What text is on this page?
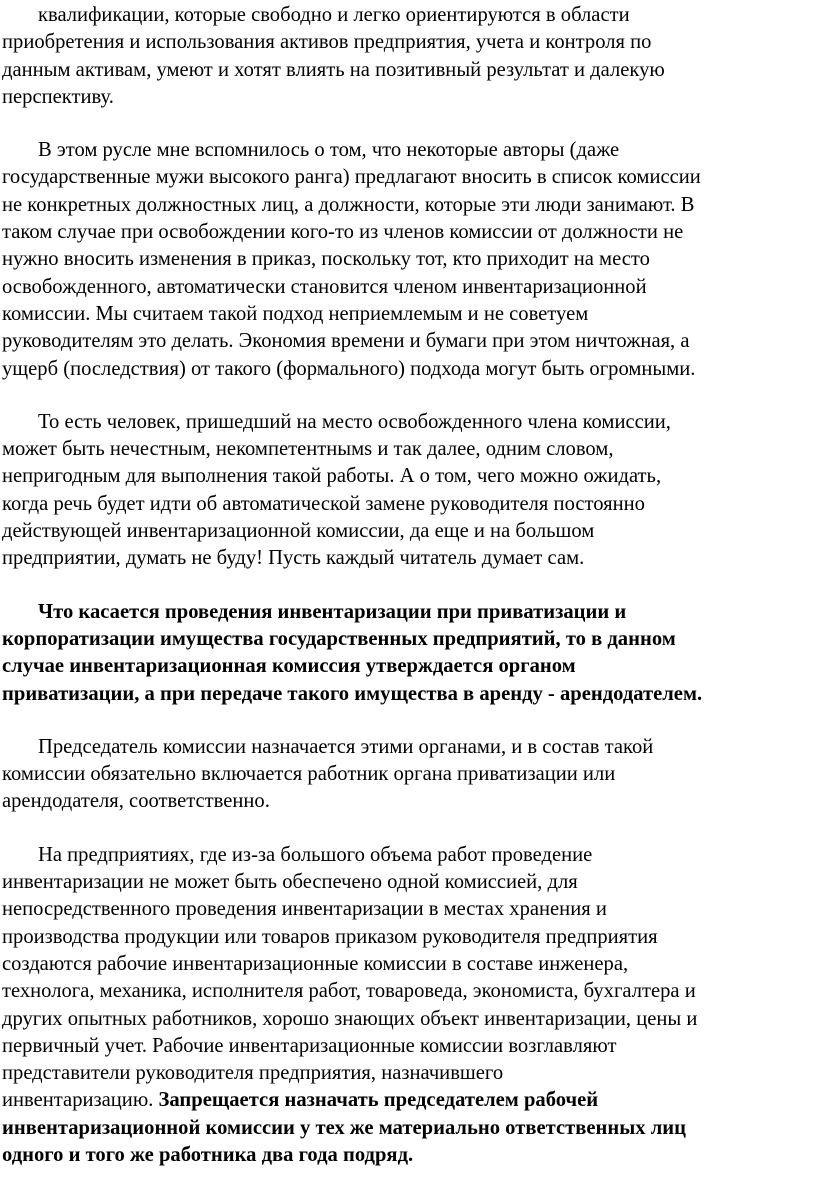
квалификации, которые свободно и легко ориентируются в области
приобретения и использования активов предприятия, учета и контроля по
данным активам, умеют и хотят влиять на позитивный результат и далекую
перспективу.
В этом русле мне вспомнилось о том, что некоторые авторы (даже
государственные мужи высокого ранга) предлагают вносить в список комиссии
не конкретных должностных лиц, а должности, которые эти люди занимают. В
таком случае при освобождении кого-то из членов комиссии от должности не
нужно вносить изменения в приказ, поскольку тот, кто приходит на место
освобожденного, автоматически становится членом инвентаризационной
комиссии. Мы считаем такой подход неприемлемым и не советуем
руководителям это делать. Экономия времени и бумаги при этом ничтожная, а
ущерб (последствия) от такого (формального) подхода могут быть огромными.
То есть человек, пришедший на место освобожденного члена комиссии,
может быть нечестным, некомпетентнымs и так далее, одним словом,
непригодным для выполнения такой работы. А о том, чего можно ожидать,
когда речь будет идти об автоматической замене руководителя постоянно
действующей инвентаризационной комиссии, да еще и на большом
предприятии, думать не буду! Пусть каждый читатель думает сам.
Что касается проведения инвентаризации при приватизации и
корпоратизации имущества государственных предприятий, то в данном
случае инвентаризационная комиссия утверждается органом
приватизации, а при передаче такого имущества в аренду - арендодателем.
Председатель комиссии назначается этими органами, и в состав такой
комиссии обязательно включается работник органа приватизации или
арендодателя, соответственно.
На предприятиях, где из-за большого объема работ проведение
инвентаризации не может быть обеспечено одной комиссией, для
непосредственного проведения инвентаризации в местах хранения и
производства продукции или товаров приказом руководителя предприятия
создаются рабочие инвентаризационные комиссии в составе инженера,
технолога, механика, исполнителя работ, товароведа, экономиста, бухгалтера и
других опытных работников, хорошо знающих объект инвентаризации, цены и
первичный учет. Рабочие инвентаризационные комиссии возглавляют
представители руководителя предприятия, назначившего
инвентаризацию. Запрещается назначать председателем рабочей
инвентаризационной комиссии у тех же материально ответственных лиц
одного и того же работника два года подряд.
